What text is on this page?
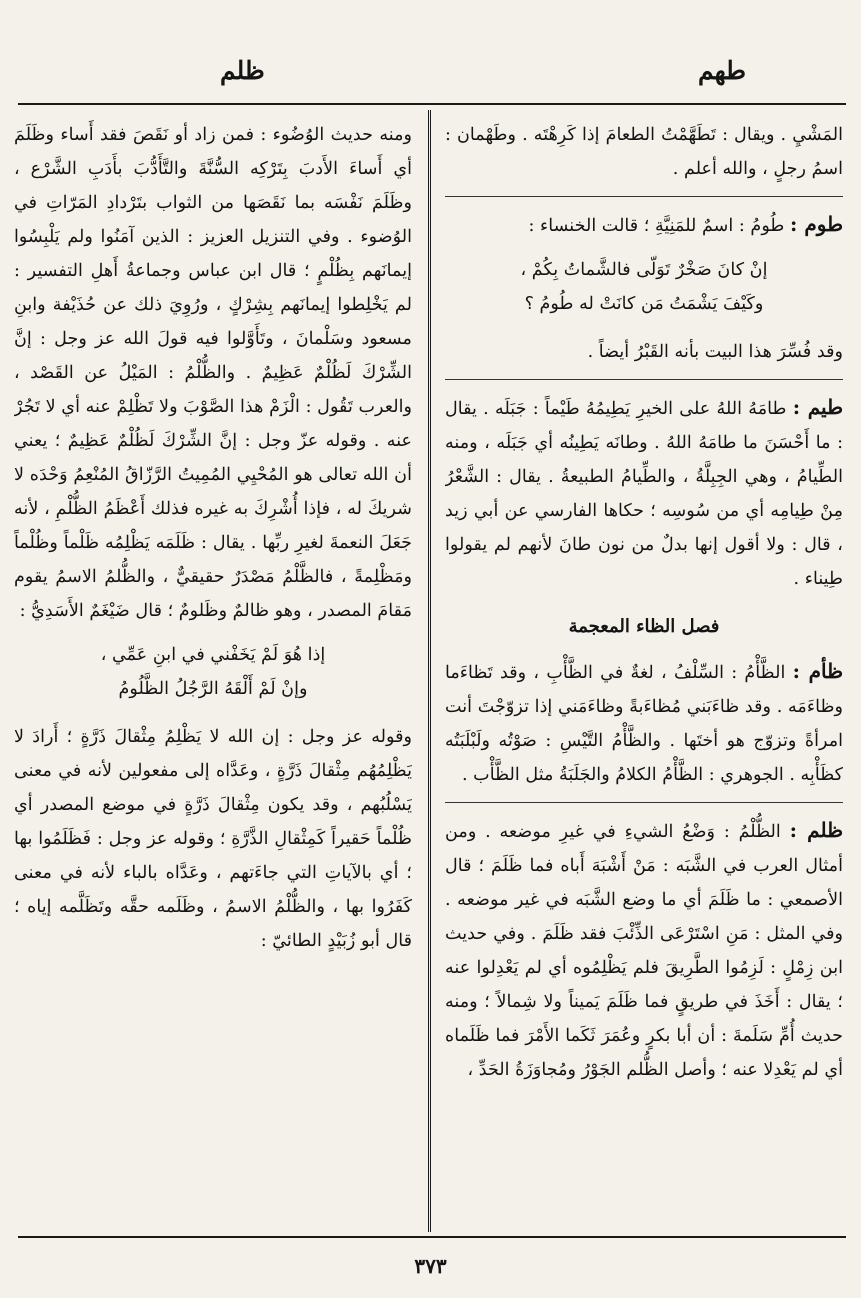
طهم
ظلم

المَشْيِ . ويقال : تَطَهَّمْتُ الطعامَ إذا كَرِهْتَه . وطَهْمان : اسمُ رجلٍ ، والله أعلم .

طوم : طُومُ : اسمٌ للمَنِيَّةِ ؛ قالت الخنساء :

إنْ كانَ صَخْرٌ تَوَلّى فالشَّماتُ بِكُمْ ،
وكَيْفَ يَشْمَتُ مَن كانَتْ له طُومُ ؟

وقد فُسِّرَ هذا البيت بأنه القَبْرُ أيضاً .

طيم : طامَهُ اللهُ على الخيرِ يَطِيمُهُ طَيْماً : جَبَلَه . يقال : ما أَحْسَنَ ما طامَهُ اللهُ . وطانَه يَطِينُه أي جَبَلَه ، ومنه الطِّيامُ ، وهي الجِبِلَّةُ ، والطِّيامُ الطبيعةُ . يقال : الشَّعْرُ مِنْ طِيامِه أي من سُوسِه ؛ حكاها الفارسي عن أبي زيد ، قال : ولا أقول إنها بدلٌ من نون طانَ لأنهم لم يقولوا طِيناء .

فصل الظاء المعجمة

ظأم : الظَّأْمُ : السِّلْفُ ، لغةٌ في الظَّأْبِ ، وقد تَظاءَما وظاءَمَه . وقد ظاءَبَني مُظاءَبةً وظاءَمَني إذا تزوّجْتَ أنت امرأةً وتزوّج هو أختَها . والظَّأْمُ التَّيْسِ : صَوْتُه ولَبْلَبَتُه كظَأْبِه . الجوهري : الظَّأْمُ الكلامُ والجَلَبَةُ مثل الظَّأْب .

ظلم : الظُّلْمُ : وَضْعُ الشيءِ في غيرِ موضعه . ومن أمثال العرب في الشَّبَه : مَنْ أَشْبَهَ أَباه فما ظَلَمَ ؛ قال الأصمعي : ما ظَلَمَ أي ما وضع الشَّبَه في غير موضعه . وفي المثل : مَنِ اسْتَرْعَى الذِّئْبَ فقد ظَلَمَ . وفي حديث ابن زِمْلٍ : لَزِمُوا الطَّرِيقَ فلم يَظْلِمُوه أي لم يَعْدِلوا عنه ؛ يقال : أَخَذَ في طريقٍ فما ظَلَمَ يَميناً ولا شِمالاً ؛ ومنه حديث أُمِّ سَلَمةَ : أن أبا بكرٍ وعُمَرَ ثَكَما الأَمْرَ فما ظَلَماه أي لم يَعْدِلا عنه ؛ وأصل الظُّلم الجَوْرُ ومُجاوَزَةُ الحَدِّ ،

ومنه حديث الوُضُوء : فمن زاد أو نَقَصَ فقد أَساء وظَلَمَ أي أَساءَ الأَدبَ بِتَرْكِه السُّنَّةَ والتَّأَدُّبَ بأَدَبِ الشَّرْع ، وظَلَمَ نَفْسَه بما نَقَصَها من الثواب بتَرْدادِ المَرّاتِ في الوُضوء . وفي التنزيل العزيز : الذين آمَنُوا ولم يَلْبِسُوا إيمانَهم بِظُلْمٍ ؛ قال ابن عباس وجماعةُ أَهلِ التفسير : لم يَخْلِطوا إيمانَهم بِشِرْكٍ ، ورُوِيَ ذلك عن حُذَيْفة وابنِ مسعود وسَلْمانَ ، وتَأَوَّلوا فيه قولَ الله عز وجل : إنَّ الشِّرْكَ لَظُلْمٌ عَظِيمٌ . والظُّلْمُ : المَيْلُ عن القَصْد ، والعرب تَقُول : الْزَمْ هذا الصَّوْبَ ولا تَظْلِمْ عنه أي لا تَجُرْ عنه . وقوله عزّ وجل : إنَّ الشِّرْكَ لَظُلْمٌ عَظِيمٌ ؛ يعني أن الله تعالى هو المُحْيِي المُمِيتُ الرَّزّاقُ المُنْعِمُ وَحْدَه لا شريكَ له ، فإذا أُشْرِكَ به غيره فذلك أَعْظَمُ الظُّلْمِ ، لأنه جَعَلَ النعمةَ لغيرِ ربِّها . يقال : ظَلَمَه يَظْلِمُه ظَلْماً وظُلْماً ومَظْلِمةً ، فالظَّلْمُ مَصْدَرٌ حقيقيٌّ ، والظُّلمُ الاسمُ يقوم مَقامَ المصدر ، وهو ظالمٌ وظَلومٌ ؛ قال ضَيْغَمٌ الأَسَدِيُّ :

إذا هُوَ لَمْ يَخَفْني في ابنِ عَمِّي ،
وإنْ لَمْ أَلْقَهُ الرَّجُلُ الظَّلُومُ

وقوله عز وجل : إن الله لا يَظْلِمُ مِثْقالَ ذَرَّةٍ ؛ أَرادَ لا يَظْلِمُهُم مِثْقالَ ذَرَّةٍ ، وعَدَّاه إلى مفعولين لأنه في معنى يَسْلُبُهم ، وقد يكون مِثْقالَ ذَرَّةٍ في موضع المصدر أي ظُلْماً حَقيراً كَمِثْقالِ الذَّرَّةِ ؛ وقوله عز وجل : فَظَلَمُوا بها ؛ أي بالآياتِ التي جاءَتهم ، وعَدَّاه بالباء لأنه في معنى كَفَرُوا بها ، والظُّلْمُ الاسمُ ، وظَلَمه حقَّه وتَظَلَّمه إياه ؛ قال أبو زُبَيْدٍ الطائيّ :

٣٧٣
